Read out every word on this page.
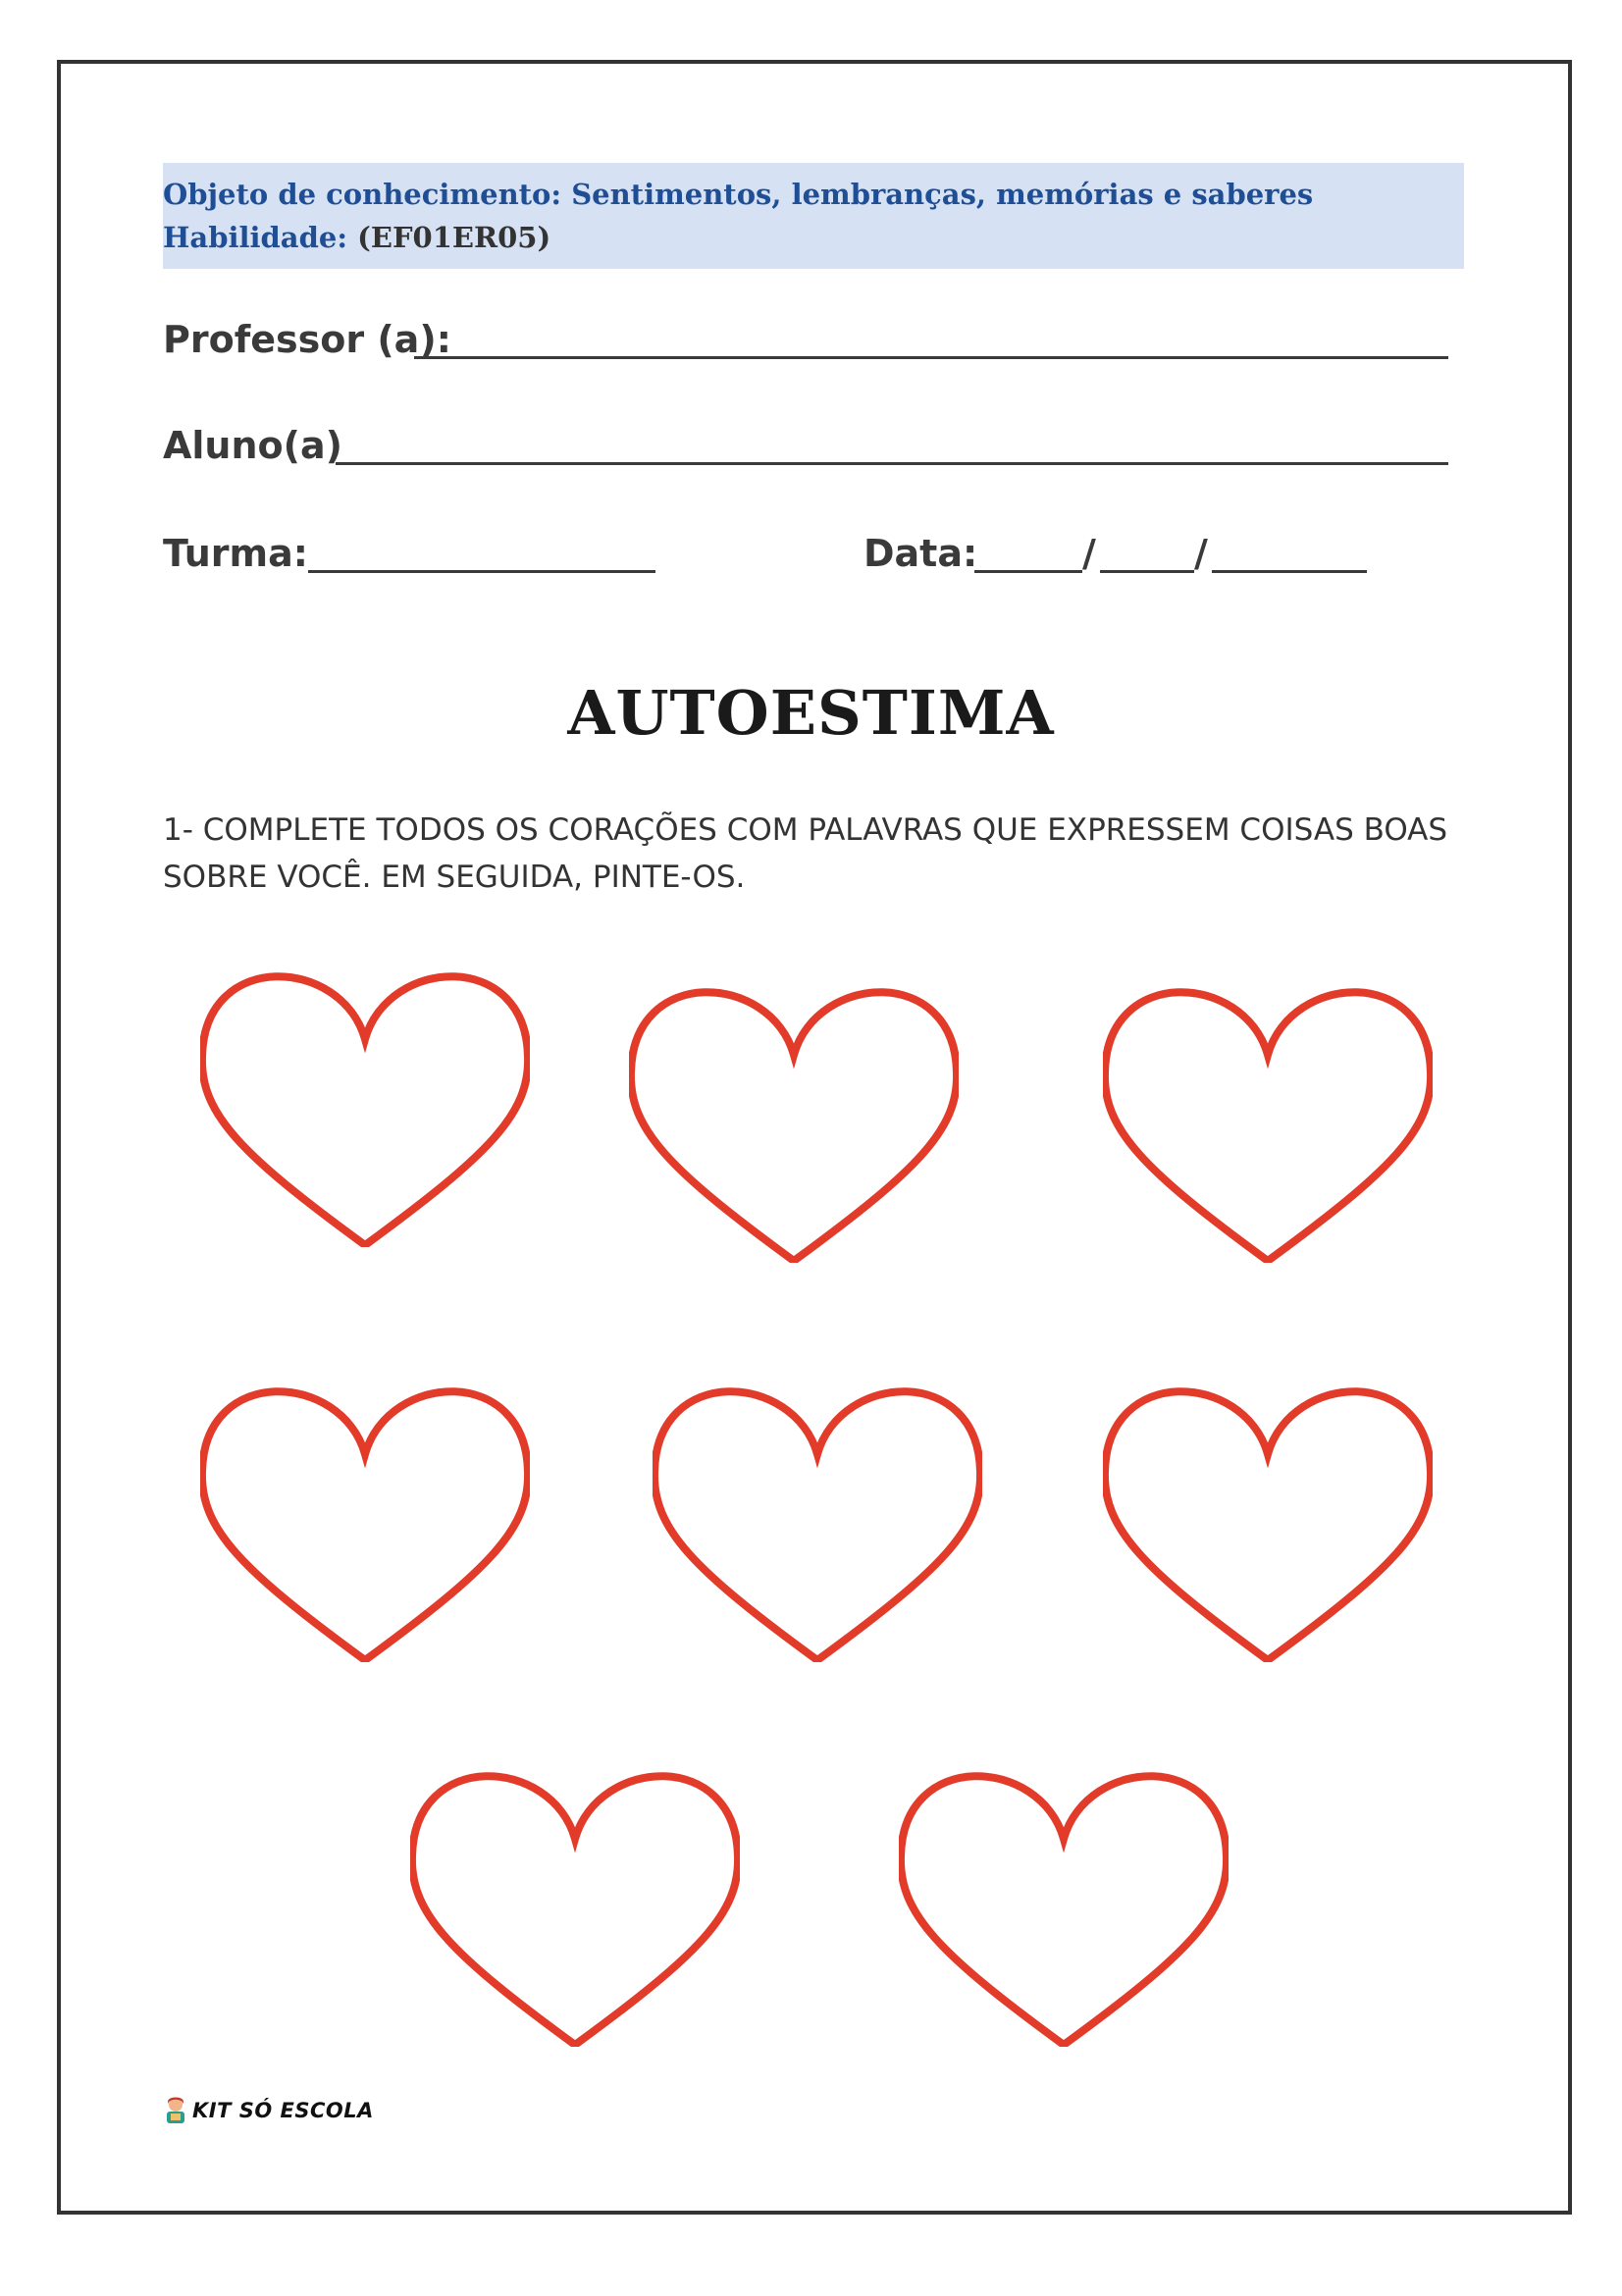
Objeto de conhecimento: Sentimentos, lembranças, memórias e saberes
Habilidade: (EF01ER05)
Professor (a):
Aluno(a)
Turma:	Data:	/	/
AUTOESTIMA
1- COMPLETE TODOS OS CORAÇÕES COM PALAVRAS QUE EXPRESSEM COISAS BOAS SOBRE VOCÊ. EM SEGUIDA, PINTE-OS.
KIT SÓ ESCOLA
